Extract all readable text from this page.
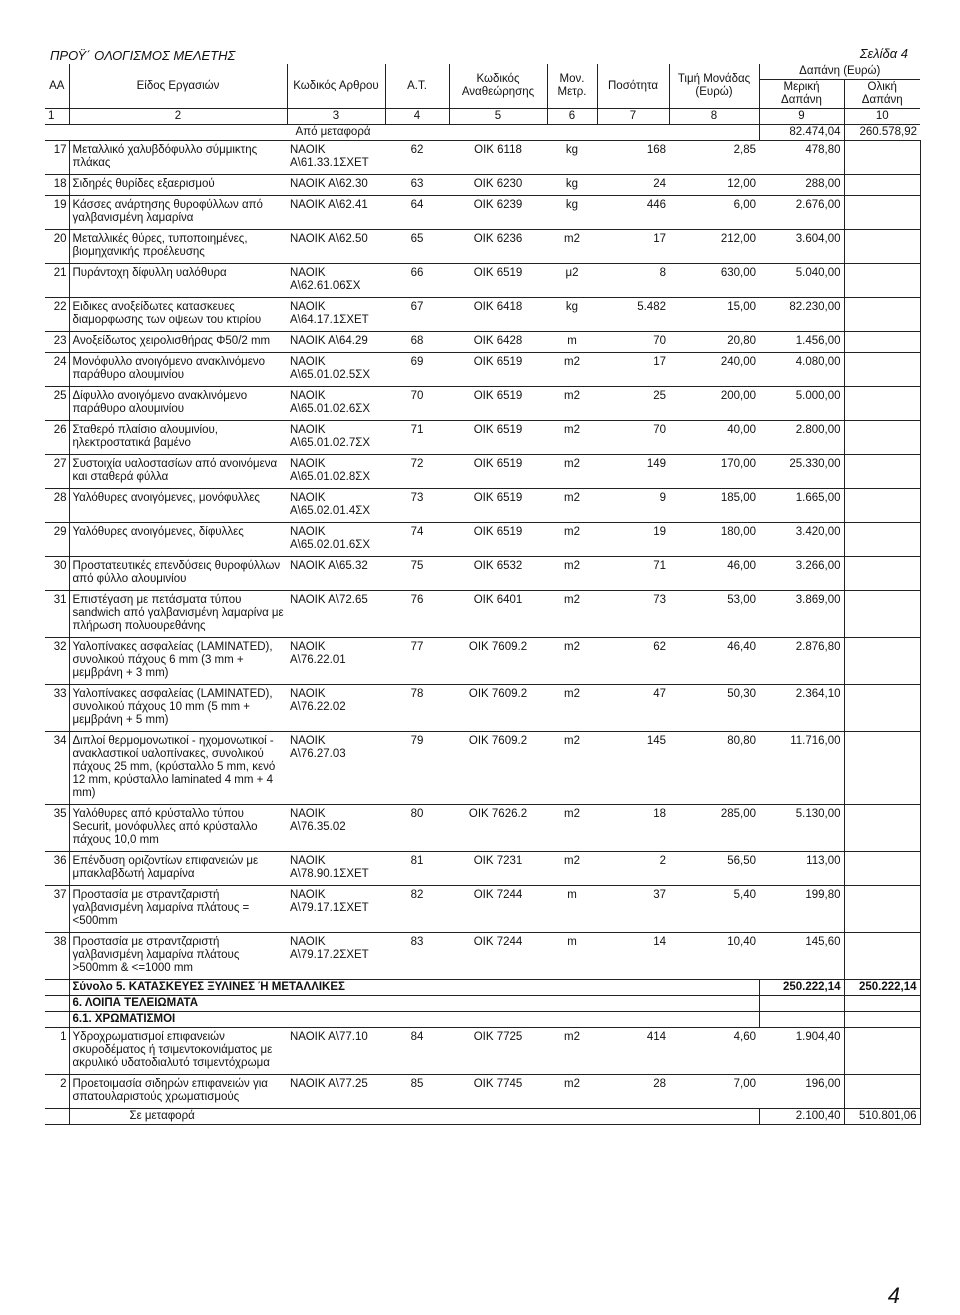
ΠΡΟΫ΄ ΟΛΟΓΙΣΜΟΣ ΜΕΛΕΤΗΣ	Σελίδα 4
ΑΑ	Είδος Εργασιών	Κωδικός Αρθρου	Α.Τ.	Κωδικός Αναθεώρησης	Μον. Μετρ.	Ποσότητα	Τιμή Μονάδας (Ευρώ)	Δαπάνη (Ευρώ)	
								Μερική Δαπάνη	Ολική Δαπάνη
1	2	3	4	5	6	7	8	9	10
	Από μεταφορά							82.474,04	260.578,92
17	Μεταλλικό χαλυβδόφυλλο σύμμικτης πλάκας	ΝΑΟΙΚ Α\61.33.1ΣΧΕΤ	62	ΟΙΚ 6118	kg	168	2,85	478,80	
18	Σιδηρές θυρίδες εξαερισμού	ΝΑΟΙΚ Α\62.30	63	ΟΙΚ 6230	kg	24	12,00	288,00	
19	Κάσσες ανάρτησης θυροφύλλων από γαλβανισμένη λαμαρίνα	ΝΑΟΙΚ Α\62.41	64	ΟΙΚ 6239	kg	446	6,00	2.676,00	
20	Μεταλλικές θύρες, τυποποιημένες, βιομηχανικής προέλευσης	ΝΑΟΙΚ Α\62.50	65	ΟΙΚ 6236	m2	17	212,00	3.604,00	
21	Πυράντοχη δίφυλλη υαλόθυρα	ΝΑΟΙΚ Α\62.61.06ΣΧ	66	ΟΙΚ 6519	μ2	8	630,00	5.040,00	
22	Ειδικες ανοξείδωτες κατασκευες διαμορφωσης των οψεων του κτιρίου	ΝΑΟΙΚ Α\64.17.1ΣΧΕΤ	67	ΟΙΚ 6418	kg	5.482	15,00	82.230,00	
23	Ανοξείδωτος χειρολισθήρας Φ50/2 mm	ΝΑΟΙΚ Α\64.29	68	ΟΙΚ 6428	m	70	20,80	1.456,00	
24	Μονόφυλλο ανοιγόμενο ανακλινόμενο παράθυρο αλουμινίου	ΝΑΟΙΚ Α\65.01.02.5ΣΧ	69	ΟΙΚ 6519	m2	17	240,00	4.080,00	
25	Δίφυλλο ανοιγόμενο ανακλινόμενο παράθυρο αλουμινίου	ΝΑΟΙΚ Α\65.01.02.6ΣΧ	70	ΟΙΚ 6519	m2	25	200,00	5.000,00	
26	Σταθερό πλαίσιο αλουμινίου, ηλεκτροστατικά βαμένο	ΝΑΟΙΚ Α\65.01.02.7ΣΧ	71	ΟΙΚ 6519	m2	70	40,00	2.800,00	
27	Συστοιχία υαλοστασίων από ανοινόμενα και σταθερά φύλλα	ΝΑΟΙΚ Α\65.01.02.8ΣΧ	72	ΟΙΚ 6519	m2	149	170,00	25.330,00	
28	Υαλόθυρες ανοιγόμενες, μονόφυλλες	ΝΑΟΙΚ Α\65.02.01.4ΣΧ	73	ΟΙΚ 6519	m2	9	185,00	1.665,00	
29	Υαλόθυρες ανοιγόμενες, δίφυλλες	ΝΑΟΙΚ Α\65.02.01.6ΣΧ	74	ΟΙΚ 6519	m2	19	180,00	3.420,00	
30	Προστατευτικές επενδύσεις θυροφύλλων από φύλλο αλουμινίου	ΝΑΟΙΚ Α\65.32	75	ΟΙΚ 6532	m2	71	46,00	3.266,00	
31	Επιστέγαση με πετάσματα τύπου sandwich από γαλβανισμένη λαμαρίνα με πλήρωση πολυουρεθάνης	ΝΑΟΙΚ Α\72.65	76	ΟΙΚ 6401	m2	73	53,00	3.869,00	
32	Υαλοπίνακες ασφαλείας (LAMINATED), συνολικού πάχους 6 mm (3 mm + μεμβράνη + 3 mm)	ΝΑΟΙΚ Α\76.22.01	77	ΟΙΚ 7609.2	m2	62	46,40	2.876,80	
33	Υαλοπίνακες ασφαλείας (LAMINATED), συνολικού πάχους 10 mm (5 mm + μεμβράνη + 5 mm)	ΝΑΟΙΚ Α\76.22.02	78	ΟΙΚ 7609.2	m2	47	50,30	2.364,10	
34	Διπλοί θερμομονωτικοί - ηχομονωτικοί - ανακλαστικοί υαλοπίνακες, συνολικού πάχους 25 mm, (κρύσταλλο 5 mm, κενό 12 mm, κρύσταλλο laminated 4 mm + 4 mm)	ΝΑΟΙΚ Α\76.27.03	79	ΟΙΚ 7609.2	m2	145	80,80	11.716,00	
35	Υαλόθυρες από κρύσταλλο τύπου Securit, μονόφυλλες από κρύσταλλο πάχους 10,0 mm	ΝΑΟΙΚ Α\76.35.02	80	ΟΙΚ 7626.2	m2	18	285,00	5.130,00	
36	Επένδυση οριζοντίων επιφανειών με μπακλαβδωτή λαμαρίνα	ΝΑΟΙΚ Α\78.90.1ΣΧΕΤ	81	ΟΙΚ 7231	m2	2	56,50	113,00	
37	Προστασία με στραντζαριστή γαλβανισμένη λαμαρίνα πλάτους =<500mm	ΝΑΟΙΚ Α\79.17.1ΣΧΕΤ	82	ΟΙΚ 7244	m	37	5,40	199,80	
38	Προστασία με στραντζαριστή γαλβανισμένη λαμαρίνα πλάτους >500mm & <=1000 mm	ΝΑΟΙΚ Α\79.17.2ΣΧΕΤ	83	ΟΙΚ 7244	m	14	10,40	145,60	
	Σύνολο 5. ΚΑΤΑΣΚΕΥΕΣ ΞΥΛΙΝΕΣ Ή ΜΕΤΑΛΛΙΚΕΣ							250.222,14	250.222,14
	6. ΛΟΙΠΑ ΤΕΛΕΙΩΜΑΤΑ								
	6.1. ΧΡΩΜΑΤΙΣΜΟΙ								
1	Υδροχρωματισμοί επιφανειών σκυροδέματος ή τσιμεντοκονιάματος με ακρυλικό υδατοδιαλυτό τσιμεντόχρωμα	ΝΑΟΙΚ Α\77.10	84	ΟΙΚ 7725	m2	414	4,60	1.904,40	
2	Προετοιμασία σιδηρών επιφανειών για σπατουλαριστούς χρωματισμούς	ΝΑΟΙΚ Α\77.25	85	ΟΙΚ 7745	m2	28	7,00	196,00	
	Σε μεταφορά							2.100,40	510.801,06
4
